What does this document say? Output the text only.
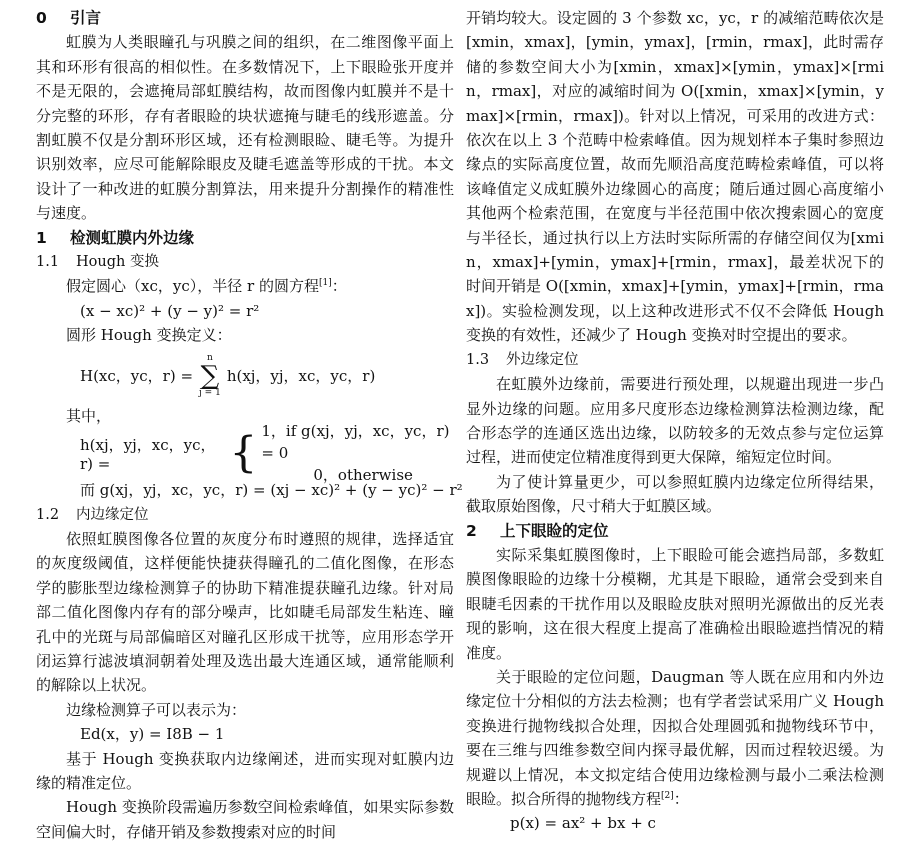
0 引言

虹膜为人类眼瞳孔与巩膜之间的组织，在二维图像平面上其和环形有很高的相似性。在多数情况下，上下眼睑张开度并不是无限的，会遮掩局部虹膜结构，故而图像内虹膜并不是十分完整的环形，存有者眼睑的块状遮掩与睫毛的线形遮盖。分割虹膜不仅是分割环形区域，还有检测眼睑、睫毛等。为提升识别效率，应尽可能解除眼皮及睫毛遮盖等形成的干扰。本文设计了一种改进的虹膜分割算法，用来提升分割操作的精准性与速度。

1 检测虹膜内外边缘
1.1 Hough 变换

假定圆心（xc，yc），半径 r 的圆方程[1]：

(x − xc)² + (y − y)² = r²

圆形 Hough 变换定义：

H(xc，yc，r) =
n
∑
j = 1
h(xj，yj，xc，yc，r)

其中，

h(xj，yj，xc，yc，r) =	{ 1，if g(xj，yj，xc，yc，r) = 0
0，otherwise
而 g(xj，yj，xc，yc，r) = (xj − xc)² + (y − yc)² − r²
1.2 内边缘定位

依照虹膜图像各位置的灰度分布时遵照的规律，选择适宜的灰度级阈值，这样便能快捷获得瞳孔的二值化图像，在形态学的膨胀型边缘检测算子的协助下精准提获瞳孔边缘。针对局部二值化图像内存有的部分噪声，比如睫毛局部发生粘连、瞳孔中的光斑与局部偏暗区对瞳孔区形成干扰等，应用形态学开闭运算行滤波填洞朝着处理及选出最大连通区域，通常能顺利的解除以上状况。

边缘检测算子可以表示为：

Ed(x，y) = I8B − 1

基于 Hough 变换获取内边缘阐述，进而实现对虹膜内边缘的精准定位。

Hough 变换阶段需遍历参数空间检索峰值，如果实际参数空间偏大时，存储开销及参数搜索对应的时间

开销均较大。设定圆的 3 个参数 xc，yc，r 的减缩范畴依次是[xmin，xmax]，[ymin，ymax]，[rmin，rmax]，此时需存储的参数空间大小为[xmin，xmax]×[ymin，ymax]×[rmin，rmax]，对应的减缩时间为 O([xmin，xmax]×[ymin，ymax]×[rmin，rmax])。针对以上情况，可采用的改进方式：依次在以上 3 个范畴中检索峰值。因为规划样本子集时参照边缘点的实际高度位置，故而先顺沿高度范畴检索峰值，可以将该峰值定义成虹膜外边缘圆心的高度；随后通过圆心高度缩小其他两个检索范围，在宽度与半径范围中依次搜索圆心的宽度与半径长，通过执行以上方法时实际所需的存储空间仅为[xmin，xmax]+[ymin，ymax]+[rmin，rmax]，最差状况下的时间开销是 O([xmin，xmax]+[ymin，ymax]+[rmin，rmax])。实验检测发现，以上这种改进形式不仅不会降低 Hough 变换的有效性，还减少了 Hough 变换对时空提出的要求。

1.3 外边缘定位

在虹膜外边缘前，需要进行预处理，以规避出现进一步凸显外边缘的问题。应用多尺度形态边缘检测算法检测边缘，配合形态学的连通区选出边缘，以防较多的无效点参与定位运算过程，进而使定位精准度得到更大保障，缩短定位时间。

为了使计算量更少，可以参照虹膜内边缘定位所得结果，截取原始图像，尺寸稍大于虹膜区域。

2 上下眼睑的定位

实际采集虹膜图像时，上下眼睑可能会遮挡局部，多数虹膜图像眼睑的边缘十分模糊，尤其是下眼睑，通常会受到来自眼睫毛因素的干扰作用以及眼睑皮肤对照明光源做出的反光表现的影响，这在很大程度上提高了准确检出眼睑遮挡情况的精准度。

关于眼睑的定位问题，Daugman 等人既在应用和内外边缘定位十分相似的方法去检测；也有学者尝试采用广义 Hough 变换进行抛物线拟合处理，因拟合处理圆弧和抛物线环节中，要在三维与四维参数空间内探寻最优解，因而过程较迟缓。为规避以上情况，本文拟定结合使用边缘检测与最小二乘法检测眼睑。拟合所得的抛物线方程[2]：

p(x) = ax² + bx + c
